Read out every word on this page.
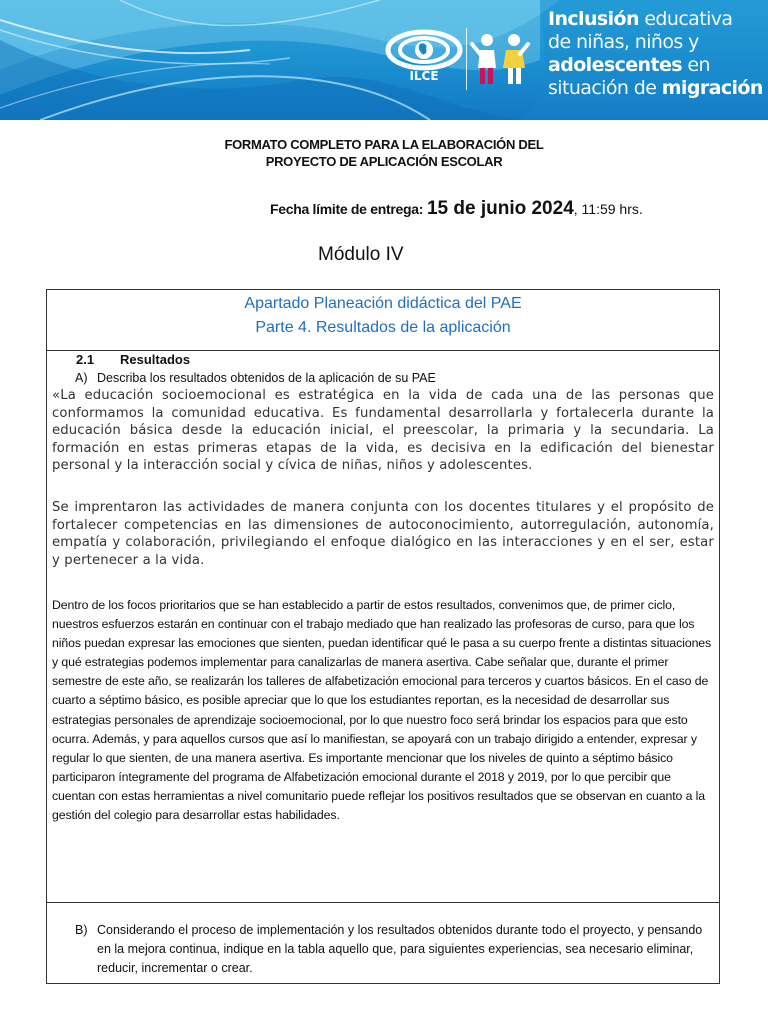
ILCE
Inclusión educativa
de niñas, niños y
adolescentes en
situación de migración
FORMATO COMPLETO PARA LA ELABORACIÓN DEL
PROYECTO DE APLICACIÓN ESCOLAR
Fecha límite de entrega: 15 de junio 2024, 11:59 hrs.
Módulo IV
Apartado Planeación didáctica del PAE
Parte 4. Resultados de la aplicación
2.1 Resultados
A) Describa los resultados obtenidos de la aplicación de su PAE

«La educación socioemocional es estratégica en la vida de cada una de las personas que conformamos la comunidad educativa. Es fundamental desarrollarla y fortalecerla durante la educación básica desde la educación inicial, el preescolar, la primaria y la secundaria. La formación en estas primeras etapas de la vida, es decisiva en la edificación del bienestar personal y la interacción social y cívica de niñas, niños y adolescentes.

Se imprentaron las actividades de manera conjunta con los docentes titulares y el propósito de fortalecer competencias en las dimensiones de autoconocimiento, autorregulación, autonomía, empatía y colaboración, privilegiando el enfoque dialógico en las interacciones y en el ser, estar y pertenecer a la vida.

Dentro de los focos prioritarios que se han establecido a partir de estos resultados, convenimos que, de primer ciclo, nuestros esfuerzos estarán en continuar con el trabajo mediado que han realizado las profesoras de curso, para que los niños puedan expresar las emociones que sienten, puedan identificar qué le pasa a su cuerpo frente a distintas situaciones y qué estrategias podemos implementar para canalizarlas de manera asertiva. Cabe señalar que, durante el primer semestre de este año, se realizarán los talleres de alfabetización emocional para terceros y cuartos básicos. En el caso de cuarto a séptimo básico, es posible apreciar que lo que los estudiantes reportan, es la necesidad de desarrollar sus estrategias personales de aprendizaje socioemocional, por lo que nuestro foco será brindar los espacios para que esto ocurra. Además, y para aquellos cursos que así lo manifiestan, se apoyará con un trabajo dirigido a entender, expresar y regular lo que sienten, de una manera asertiva. Es importante mencionar que los niveles de quinto a séptimo básico participaron íntegramente del programa de Alfabetización emocional durante el 2018 y 2019, por lo que percibir que cuentan con estas herramientas a nivel comunitario puede reflejar los positivos resultados que se observan en cuanto a la gestión del colegio para desarrollar estas habilidades.

B) Considerando el proceso de implementación y los resultados obtenidos durante todo el proyecto, y pensando en la mejora continua, indique en la tabla aquello que, para siguientes experiencias, sea necesario eliminar, reducir, incrementar o crear.
